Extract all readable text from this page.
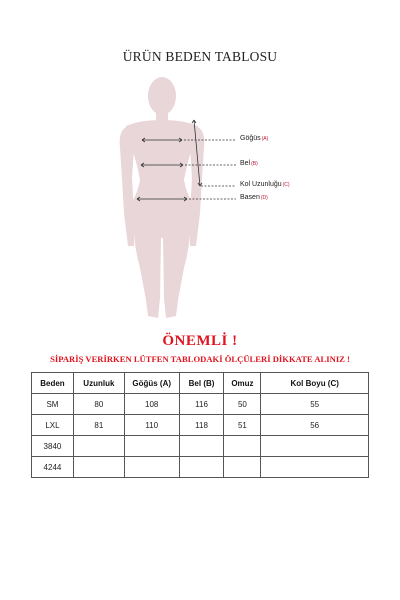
ÜRÜN BEDEN TABLOSU
Göğüs(A)
Bel(B)
Kol Uzunluğu(C)
Basen(D)
ÖNEMLİ !
SİPARİŞ VERİRKEN LÜTFEN TABLODAKİ ÖLÇÜLERİ DİKKATE ALINIZ !
Beden	Uzunluk	Göğüs (A)	Bel (B)	Omuz	Kol Boyu (C)
SM	80	108	116	50	55
LXL	81	110	118	51	56
3840					
4244					
